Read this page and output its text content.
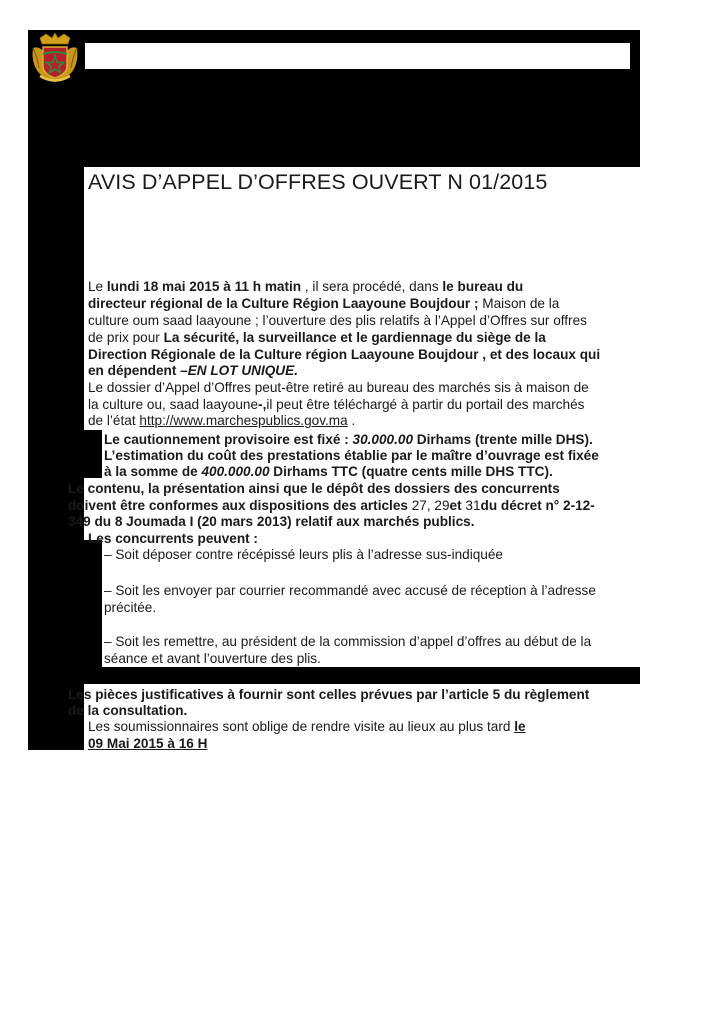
AVIS D’APPEL D’OFFRES OUVERT N 01/2015
Le lundi 18 mai 2015 à 11 h matin , il sera procédé, dans le bureau du
directeur régional de la Culture Région Laayoune Boujdour ; Maison de la
culture oum saad laayoune ; l’ouverture des plis relatifs à l’Appel d’Offres sur offres
de prix pour La sécurité, la surveillance et le gardiennage du siège de la
Direction Régionale de la Culture région Laayoune Boujdour , et des locaux qui
en dépendent –EN LOT UNIQUE.
Le dossier d’Appel d’Offres peut-être retiré au bureau des marchés sis à maison de
la culture ou, saad laayoune-,il peut être téléchargé à partir du portail des marchés
de l’état http://www.marchespublics.gov.ma .
Le cautionnement provisoire est fixé : 30.000.00 Dirhams (trente mille DHS).
L’estimation du coût des prestations établie par le maître d’ouvrage est fixée
à la somme de 400.000.00 Dirhams TTC (quatre cents mille DHS TTC).
Le contenu, la présentation ainsi que le dépôt des dossiers des concurrents
doivent être conformes aux dispositions des articles 27, 29et 31du décret n° 2-12-
349 du 8 Joumada I (20 mars 2013) relatif aux marchés publics.
Les concurrents peuvent :
– Soit déposer contre récépissé leurs plis à l’adresse sus-indiquée
– Soit les envoyer par courrier recommandé avec accusé de réception à l’adresse
précitée.
– Soit les remettre, au président de la commission d’appel d’offres au début de la
séance et avant l’ouverture des plis.
Les pièces justificatives à fournir sont celles prévues par l’article 5 du règlement
de la consultation.
Les soumissionnaires sont oblige de rendre visite au lieux au plus tard le
09 Mai 2015 à 16 H
